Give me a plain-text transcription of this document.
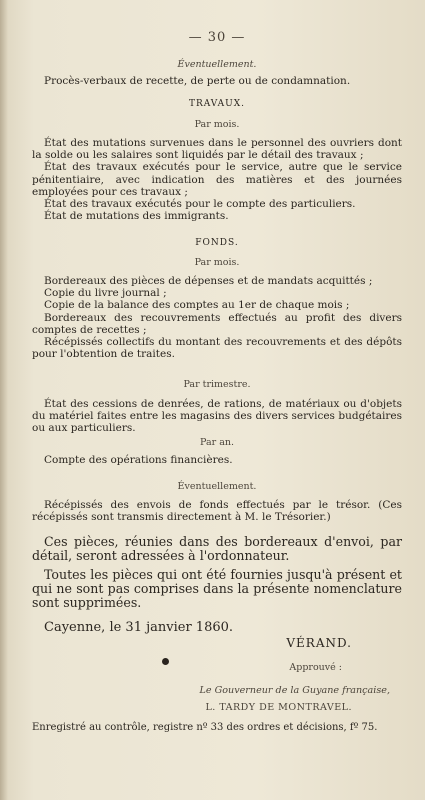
— 30 —
Éventuellement.

Procès-verbaux de recette, de perte ou de condamnation.

TRAVAUX.
Par mois.

État des mutations survenues dans le personnel des ouvriers dont la solde ou les salaires sont liquidés par le détail des travaux ;

État des travaux exécutés pour le service, autre que le service pénitentiaire, avec indication des matières et des journées employées pour ces travaux ;

État des travaux exécutés pour le compte des particuliers.

État de mutations des immigrants.

FONDS.
Par mois.

Bordereaux des pièces de dépenses et de mandats acquittés ;

Copie du livre journal ;

Copie de la balance des comptes au 1er de chaque mois ;

Bordereaux des recouvrements effectués au profit des divers comptes de recettes ;

Récépissés collectifs du montant des recouvrements et des dépôts pour l'obtention de traites.

Par trimestre.

État des cessions de denrées, de rations, de matériaux ou d'objets du matériel faites entre les magasins des divers services budgétaires ou aux particuliers.

Par an.

Compte des opérations financières.

Éventuellement.

Récépissés des envois de fonds effectués par le trésor. (Ces récépissés sont transmis directement à M. le Trésorier.)

Ces pièces, réunies dans des bordereaux d'envoi, par détail, seront adressées à l'ordonnateur.

Toutes les pièces qui ont été fournies jusqu'à présent et qui ne sont pas comprises dans la présente nomenclature sont supprimées.

Cayenne, le 31 janvier 1860.
VÉRAND.
Approuvé :
Le Gouverneur de la Guyane française,
L. TARDY DE MONTRAVEL.

Enregistré au contrôle, registre nº 33 des ordres et décisions, fº 75.
